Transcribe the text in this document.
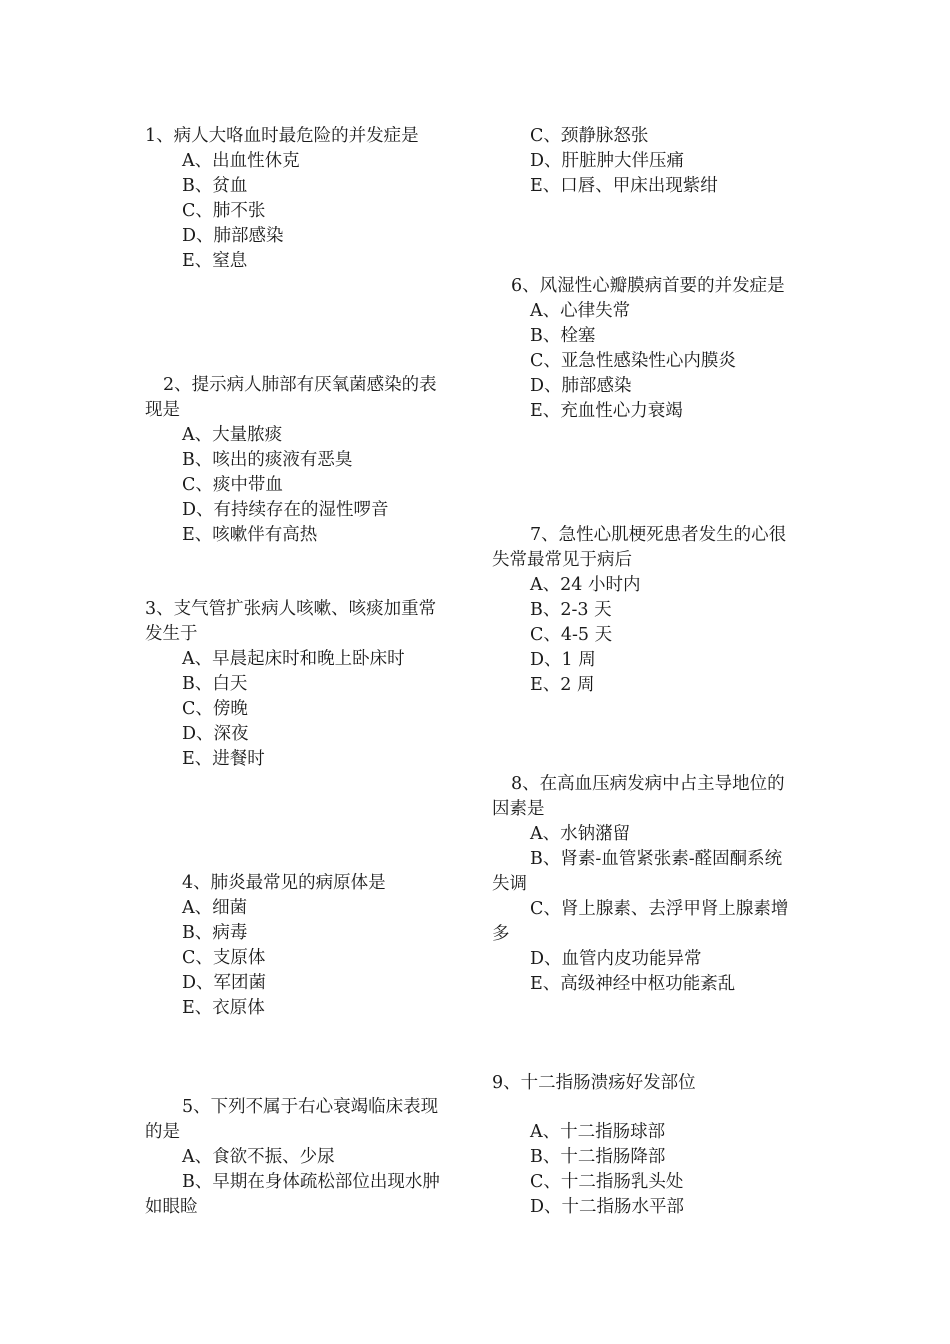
1、病人大咯血时最危险的并发症是
A、出血性休克
B、贫血
C、肺不张
D、肺部感染
E、窒息
2、提示病人肺部有厌氧菌感染的表
现是
A、大量脓痰
B、咳出的痰液有恶臭
C、痰中带血
D、有持续存在的湿性啰音
E、咳嗽伴有高热
3、支气管扩张病人咳嗽、咳痰加重常
发生于
A、早晨起床时和晚上卧床时
B、白天
C、傍晚
D、深夜
E、进餐时
4、肺炎最常见的病原体是
A、细菌
B、病毒
C、支原体
D、军团菌
E、衣原体
5、下列不属于右心衰竭临床表现
的是
A、食欲不振、少尿
B、早期在身体疏松部位出现水肿
如眼睑
C、颈静脉怒张
D、肝脏肿大伴压痛
E、口唇、甲床出现紫绀
6、风湿性心瓣膜病首要的并发症是
A、心律失常
B、栓塞
C、亚急性感染性心内膜炎
D、肺部感染
E、充血性心力衰竭
7、急性心肌梗死患者发生的心很
失常最常见于病后
A、24 小时内
B、2-3 天
C、4-5 天
D、1 周
E、2 周
8、在高血压病发病中占主导地位的
因素是
A、水钠潴留
B、肾素-血管紧张素-醛固酮系统
失调
C、肾上腺素、去浮甲肾上腺素增
多
D、血管内皮功能异常
E、高级神经中枢功能紊乱
9、十二指肠溃疡好发部位
A、十二指肠球部
B、十二指肠降部
C、十二指肠乳头处
D、十二指肠水平部
